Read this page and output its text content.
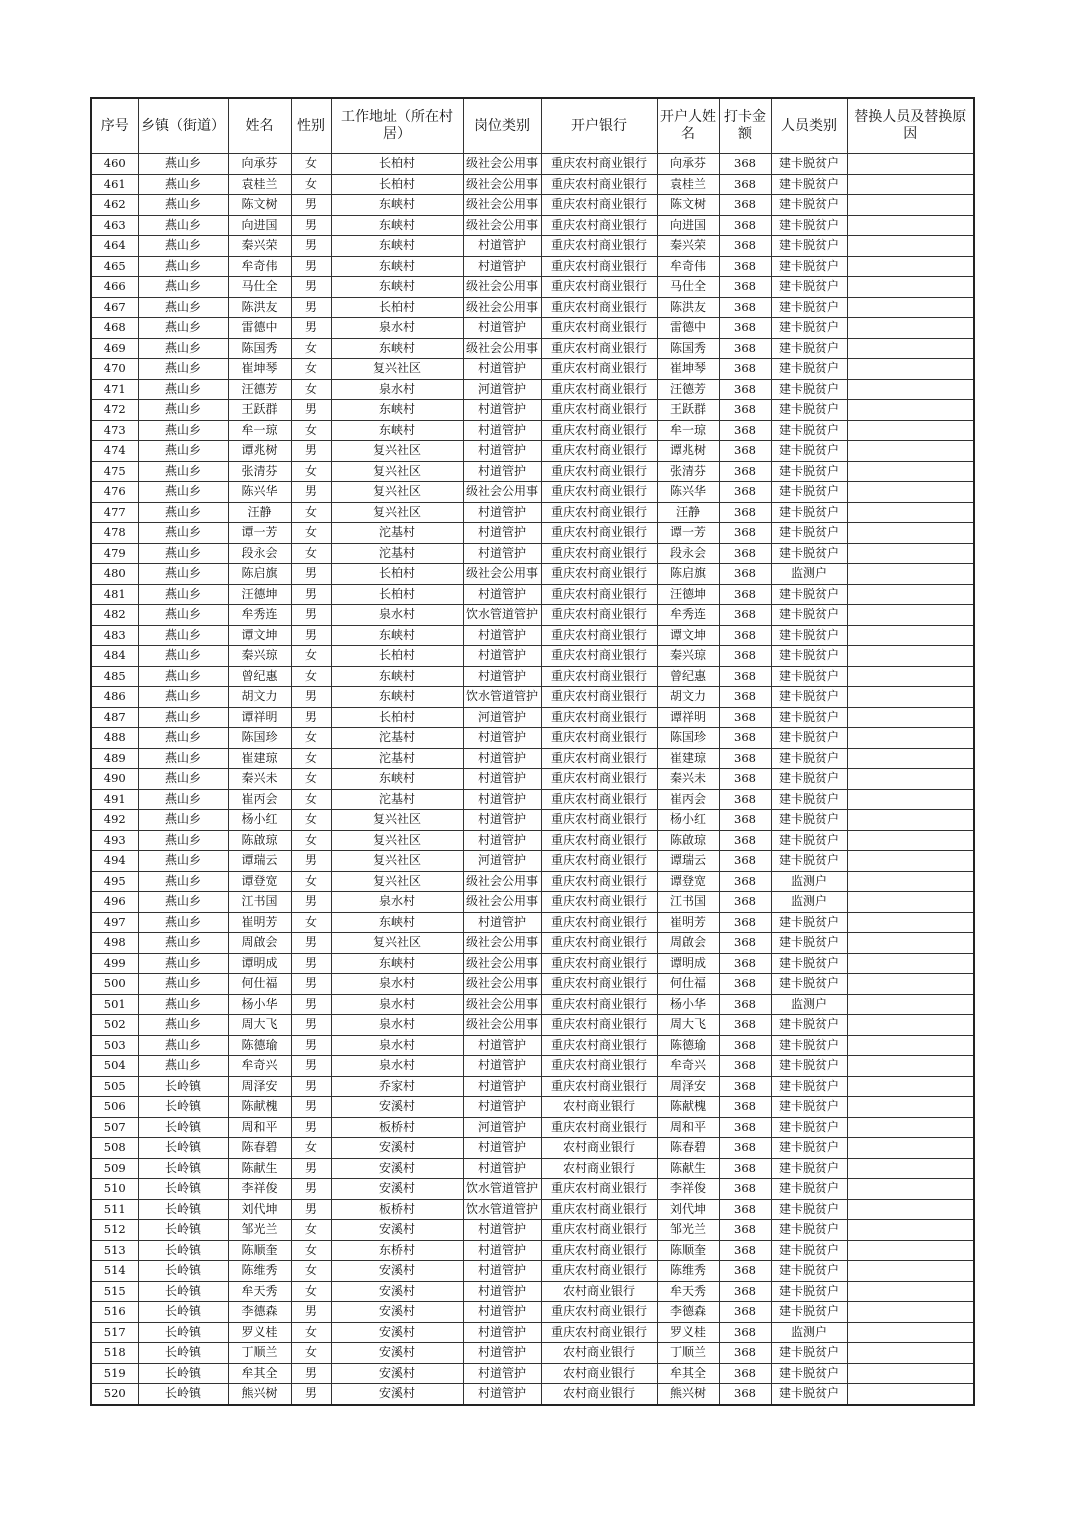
序号	乡镇（街道）	姓名	性别	工作地址（所在村居）	岗位类别	开户银行	开户人姓名	打卡金额	人员类别	替换人员及替换原因
460	燕山乡	向承芬	女	长柏村	级社会公用事	重庆农村商业银行	向承芬	368	建卡脱贫户	
461	燕山乡	袁桂兰	女	长柏村	级社会公用事	重庆农村商业银行	袁桂兰	368	建卡脱贫户	
462	燕山乡	陈文树	男	东峡村	级社会公用事	重庆农村商业银行	陈文树	368	建卡脱贫户	
463	燕山乡	向进国	男	东峡村	级社会公用事	重庆农村商业银行	向进国	368	建卡脱贫户	
464	燕山乡	秦兴荣	男	东峡村	村道管护	重庆农村商业银行	秦兴荣	368	建卡脱贫户	
465	燕山乡	牟奇伟	男	东峡村	村道管护	重庆农村商业银行	牟奇伟	368	建卡脱贫户	
466	燕山乡	马仕全	男	东峡村	级社会公用事	重庆农村商业银行	马仕全	368	建卡脱贫户	
467	燕山乡	陈洪友	男	长柏村	级社会公用事	重庆农村商业银行	陈洪友	368	建卡脱贫户	
468	燕山乡	雷德中	男	泉水村	村道管护	重庆农村商业银行	雷德中	368	建卡脱贫户	
469	燕山乡	陈国秀	女	东峡村	级社会公用事	重庆农村商业银行	陈国秀	368	建卡脱贫户	
470	燕山乡	崔坤琴	女	复兴社区	村道管护	重庆农村商业银行	崔坤琴	368	建卡脱贫户	
471	燕山乡	汪德芳	女	泉水村	河道管护	重庆农村商业银行	汪德芳	368	建卡脱贫户	
472	燕山乡	王跃群	男	东峡村	村道管护	重庆农村商业银行	王跃群	368	建卡脱贫户	
473	燕山乡	牟一琼	女	东峡村	村道管护	重庆农村商业银行	牟一琼	368	建卡脱贫户	
474	燕山乡	谭兆树	男	复兴社区	村道管护	重庆农村商业银行	谭兆树	368	建卡脱贫户	
475	燕山乡	张清芬	女	复兴社区	村道管护	重庆农村商业银行	张清芬	368	建卡脱贫户	
476	燕山乡	陈兴华	男	复兴社区	级社会公用事	重庆农村商业银行	陈兴华	368	建卡脱贫户	
477	燕山乡	汪静	女	复兴社区	村道管护	重庆农村商业银行	汪静	368	建卡脱贫户	
478	燕山乡	谭一芳	女	沱基村	村道管护	重庆农村商业银行	谭一芳	368	建卡脱贫户	
479	燕山乡	段永会	女	沱基村	村道管护	重庆农村商业银行	段永会	368	建卡脱贫户	
480	燕山乡	陈启旗	男	长柏村	级社会公用事	重庆农村商业银行	陈启旗	368	监测户	
481	燕山乡	汪德坤	男	长柏村	村道管护	重庆农村商业银行	汪德坤	368	建卡脱贫户	
482	燕山乡	牟秀连	男	泉水村	饮水管道管护	重庆农村商业银行	牟秀连	368	建卡脱贫户	
483	燕山乡	谭文坤	男	东峡村	村道管护	重庆农村商业银行	谭文坤	368	建卡脱贫户	
484	燕山乡	秦兴琼	女	长柏村	村道管护	重庆农村商业银行	秦兴琼	368	建卡脱贫户	
485	燕山乡	曾纪惠	女	东峡村	村道管护	重庆农村商业银行	曾纪惠	368	建卡脱贫户	
486	燕山乡	胡文力	男	东峡村	饮水管道管护	重庆农村商业银行	胡文力	368	建卡脱贫户	
487	燕山乡	谭祥明	男	长柏村	河道管护	重庆农村商业银行	谭祥明	368	建卡脱贫户	
488	燕山乡	陈国珍	女	沱基村	村道管护	重庆农村商业银行	陈国珍	368	建卡脱贫户	
489	燕山乡	崔建琼	女	沱基村	村道管护	重庆农村商业银行	崔建琼	368	建卡脱贫户	
490	燕山乡	秦兴未	女	东峡村	村道管护	重庆农村商业银行	秦兴未	368	建卡脱贫户	
491	燕山乡	崔丙会	女	沱基村	村道管护	重庆农村商业银行	崔丙会	368	建卡脱贫户	
492	燕山乡	杨小红	女	复兴社区	村道管护	重庆农村商业银行	杨小红	368	建卡脱贫户	
493	燕山乡	陈啟琼	女	复兴社区	村道管护	重庆农村商业银行	陈啟琼	368	建卡脱贫户	
494	燕山乡	谭瑞云	男	复兴社区	河道管护	重庆农村商业银行	谭瑞云	368	建卡脱贫户	
495	燕山乡	谭登宽	女	复兴社区	级社会公用事	重庆农村商业银行	谭登宽	368	监测户	
496	燕山乡	江书国	男	泉水村	级社会公用事	重庆农村商业银行	江书国	368	监测户	
497	燕山乡	崔明芳	女	东峡村	村道管护	重庆农村商业银行	崔明芳	368	建卡脱贫户	
498	燕山乡	周啟会	男	复兴社区	级社会公用事	重庆农村商业银行	周啟会	368	建卡脱贫户	
499	燕山乡	谭明成	男	东峡村	级社会公用事	重庆农村商业银行	谭明成	368	建卡脱贫户	
500	燕山乡	何仕福	男	泉水村	级社会公用事	重庆农村商业银行	何仕福	368	建卡脱贫户	
501	燕山乡	杨小华	男	泉水村	级社会公用事	重庆农村商业银行	杨小华	368	监测户	
502	燕山乡	周大飞	男	泉水村	级社会公用事	重庆农村商业银行	周大飞	368	建卡脱贫户	
503	燕山乡	陈德瑜	男	泉水村	村道管护	重庆农村商业银行	陈德瑜	368	建卡脱贫户	
504	燕山乡	牟奇兴	男	泉水村	村道管护	重庆农村商业银行	牟奇兴	368	建卡脱贫户	
505	长岭镇	周泽安	男	乔家村	村道管护	重庆农村商业银行	周泽安	368	建卡脱贫户	
506	长岭镇	陈献槐	男	安溪村	村道管护	农村商业银行	陈献槐	368	建卡脱贫户	
507	长岭镇	周和平	男	板桥村	河道管护	重庆农村商业银行	周和平	368	建卡脱贫户	
508	长岭镇	陈春碧	女	安溪村	村道管护	农村商业银行	陈春碧	368	建卡脱贫户	
509	长岭镇	陈献生	男	安溪村	村道管护	农村商业银行	陈献生	368	建卡脱贫户	
510	长岭镇	李祥俊	男	安溪村	饮水管道管护	重庆农村商业银行	李祥俊	368	建卡脱贫户	
511	长岭镇	刘代坤	男	板桥村	饮水管道管护	重庆农村商业银行	刘代坤	368	建卡脱贫户	
512	长岭镇	邹光兰	女	安溪村	村道管护	重庆农村商业银行	邹光兰	368	建卡脱贫户	
513	长岭镇	陈顺奎	女	东桥村	村道管护	重庆农村商业银行	陈顺奎	368	建卡脱贫户	
514	长岭镇	陈维秀	女	安溪村	村道管护	重庆农村商业银行	陈维秀	368	建卡脱贫户	
515	长岭镇	牟天秀	女	安溪村	村道管护	农村商业银行	牟天秀	368	建卡脱贫户	
516	长岭镇	李德森	男	安溪村	村道管护	重庆农村商业银行	李德森	368	建卡脱贫户	
517	长岭镇	罗义桂	女	安溪村	村道管护	重庆农村商业银行	罗义桂	368	监测户	
518	长岭镇	丁顺兰	女	安溪村	村道管护	农村商业银行	丁顺兰	368	建卡脱贫户	
519	长岭镇	牟其全	男	安溪村	村道管护	农村商业银行	牟其全	368	建卡脱贫户	
520	长岭镇	熊兴树	男	安溪村	村道管护	农村商业银行	熊兴树	368	建卡脱贫户	
